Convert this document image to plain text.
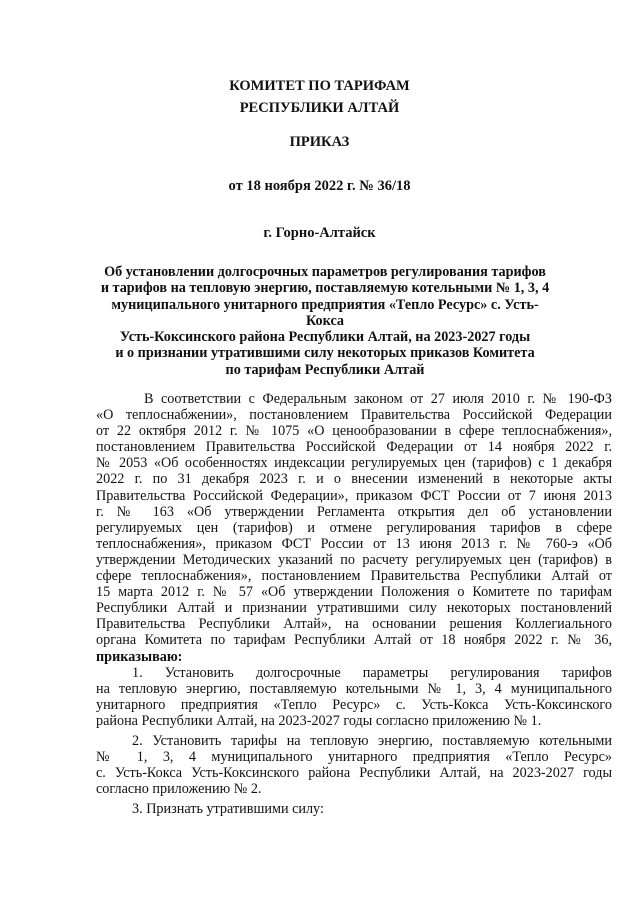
КОМИТЕТ ПО ТАРИФАМ
РЕСПУБЛИКИ АЛТАЙ
ПРИКАЗ
от 18 ноября 2022 г. № 36/18
г. Горно-Алтайск
Об установлении долгосрочных параметров регулирования тарифов
и тарифов на тепловую энергию, поставляемую котельными № 1, 3, 4
муниципального унитарного предприятия «Тепло Ресурс» с. Усть-Кокса
Усть-Коксинского района Республики Алтай, на 2023-2027 годы
и о признании утратившими силу некоторых приказов Комитета
по тарифам Республики Алтай
В соответствии с Федеральным законом от 27 июля 2010 г. № 190-ФЗ
«О теплоснабжении», постановлением Правительства Российской Федерации
от 22 октября 2012 г. № 1075 «О ценообразовании в сфере теплоснабжения»,
постановлением Правительства Российской Федерации от 14 ноября 2022 г.
№ 2053 «Об особенностях индексации регулируемых цен (тарифов) с 1 декабря
2022 г. по 31 декабря 2023 г. и о внесении изменений в некоторые акты
Правительства Российской Федерации», приказом ФСТ России от 7 июня 2013
г. № 163 «Об утверждении Регламента открытия дел об установлении
регулируемых цен (тарифов) и отмене регулирования тарифов в сфере
теплоснабжения», приказом ФСТ России от 13 июня 2013 г. № 760-э «Об
утверждении Методических указаний по расчету регулируемых цен (тарифов) в
сфере теплоснабжения», постановлением Правительства Республики Алтай от
15 марта 2012 г. № 57 «Об утверждении Положения о Комитете по тарифам
Республики Алтай и признании утратившими силу некоторых постановлений
Правительства Республики Алтай», на основании решения Коллегиального
органа Комитета по тарифам Республики Алтай от 18 ноября 2022 г. № 36,
приказываю:
1. Установить долгосрочные параметры регулирования тарифов
на тепловую энергию, поставляемую котельными № 1, 3, 4 муниципального
унитарного предприятия «Тепло Ресурс» с. Усть-Кокса Усть-Коксинского
района Республики Алтай, на 2023-2027 годы согласно приложению № 1.
2. Установить тарифы на тепловую энергию, поставляемую котельными
№ 1, 3, 4 муниципального унитарного предприятия «Тепло Ресурс»
с. Усть-Кокса Усть-Коксинского района Республики Алтай, на 2023-2027 годы
согласно приложению № 2.
3. Признать утратившими силу:
